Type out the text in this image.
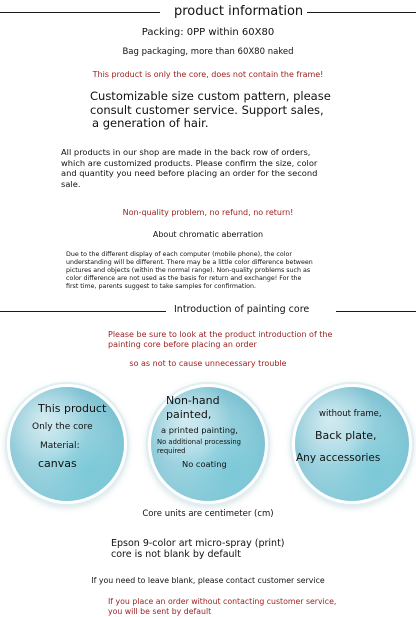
product information
Packing: 0PP within 60X80
Bag packaging, more than 60X80 naked
This product is only the core, does not contain the frame!
Customizable size custom pattern, please
consult customer service. Support sales,
a generation of hair.
All products in our shop are made in the back row of orders,
which are customized products. Please confirm the size, color
and quantity you need before placing an order for the second
sale.
Non-quality problem, no refund, no return!
About chromatic aberration
Due to the different display of each computer (mobile phone), the color
understanding will be different. There may be a little color difference between
pictures and objects (within the normal range). Non-quality problems such as
color difference are not used as the basis for return and exchange! For the
first time, parents suggest to take samples for confirmation.
Introduction of painting core
Please be sure to look at the product introduction of the
painting core before placing an order
so as not to cause unnecessary trouble
This product
Only the core
Material:
canvas
Non-hand
painted,
a printed painting,
No additional processing
required
No coating
without frame,
Back plate,
Any accessories
Core units are centimeter (cm)
Epson 9-color art micro-spray (print)
core is not blank by default
If you need to leave blank, please contact customer service
If you place an order without contacting customer service,
you will be sent by default
